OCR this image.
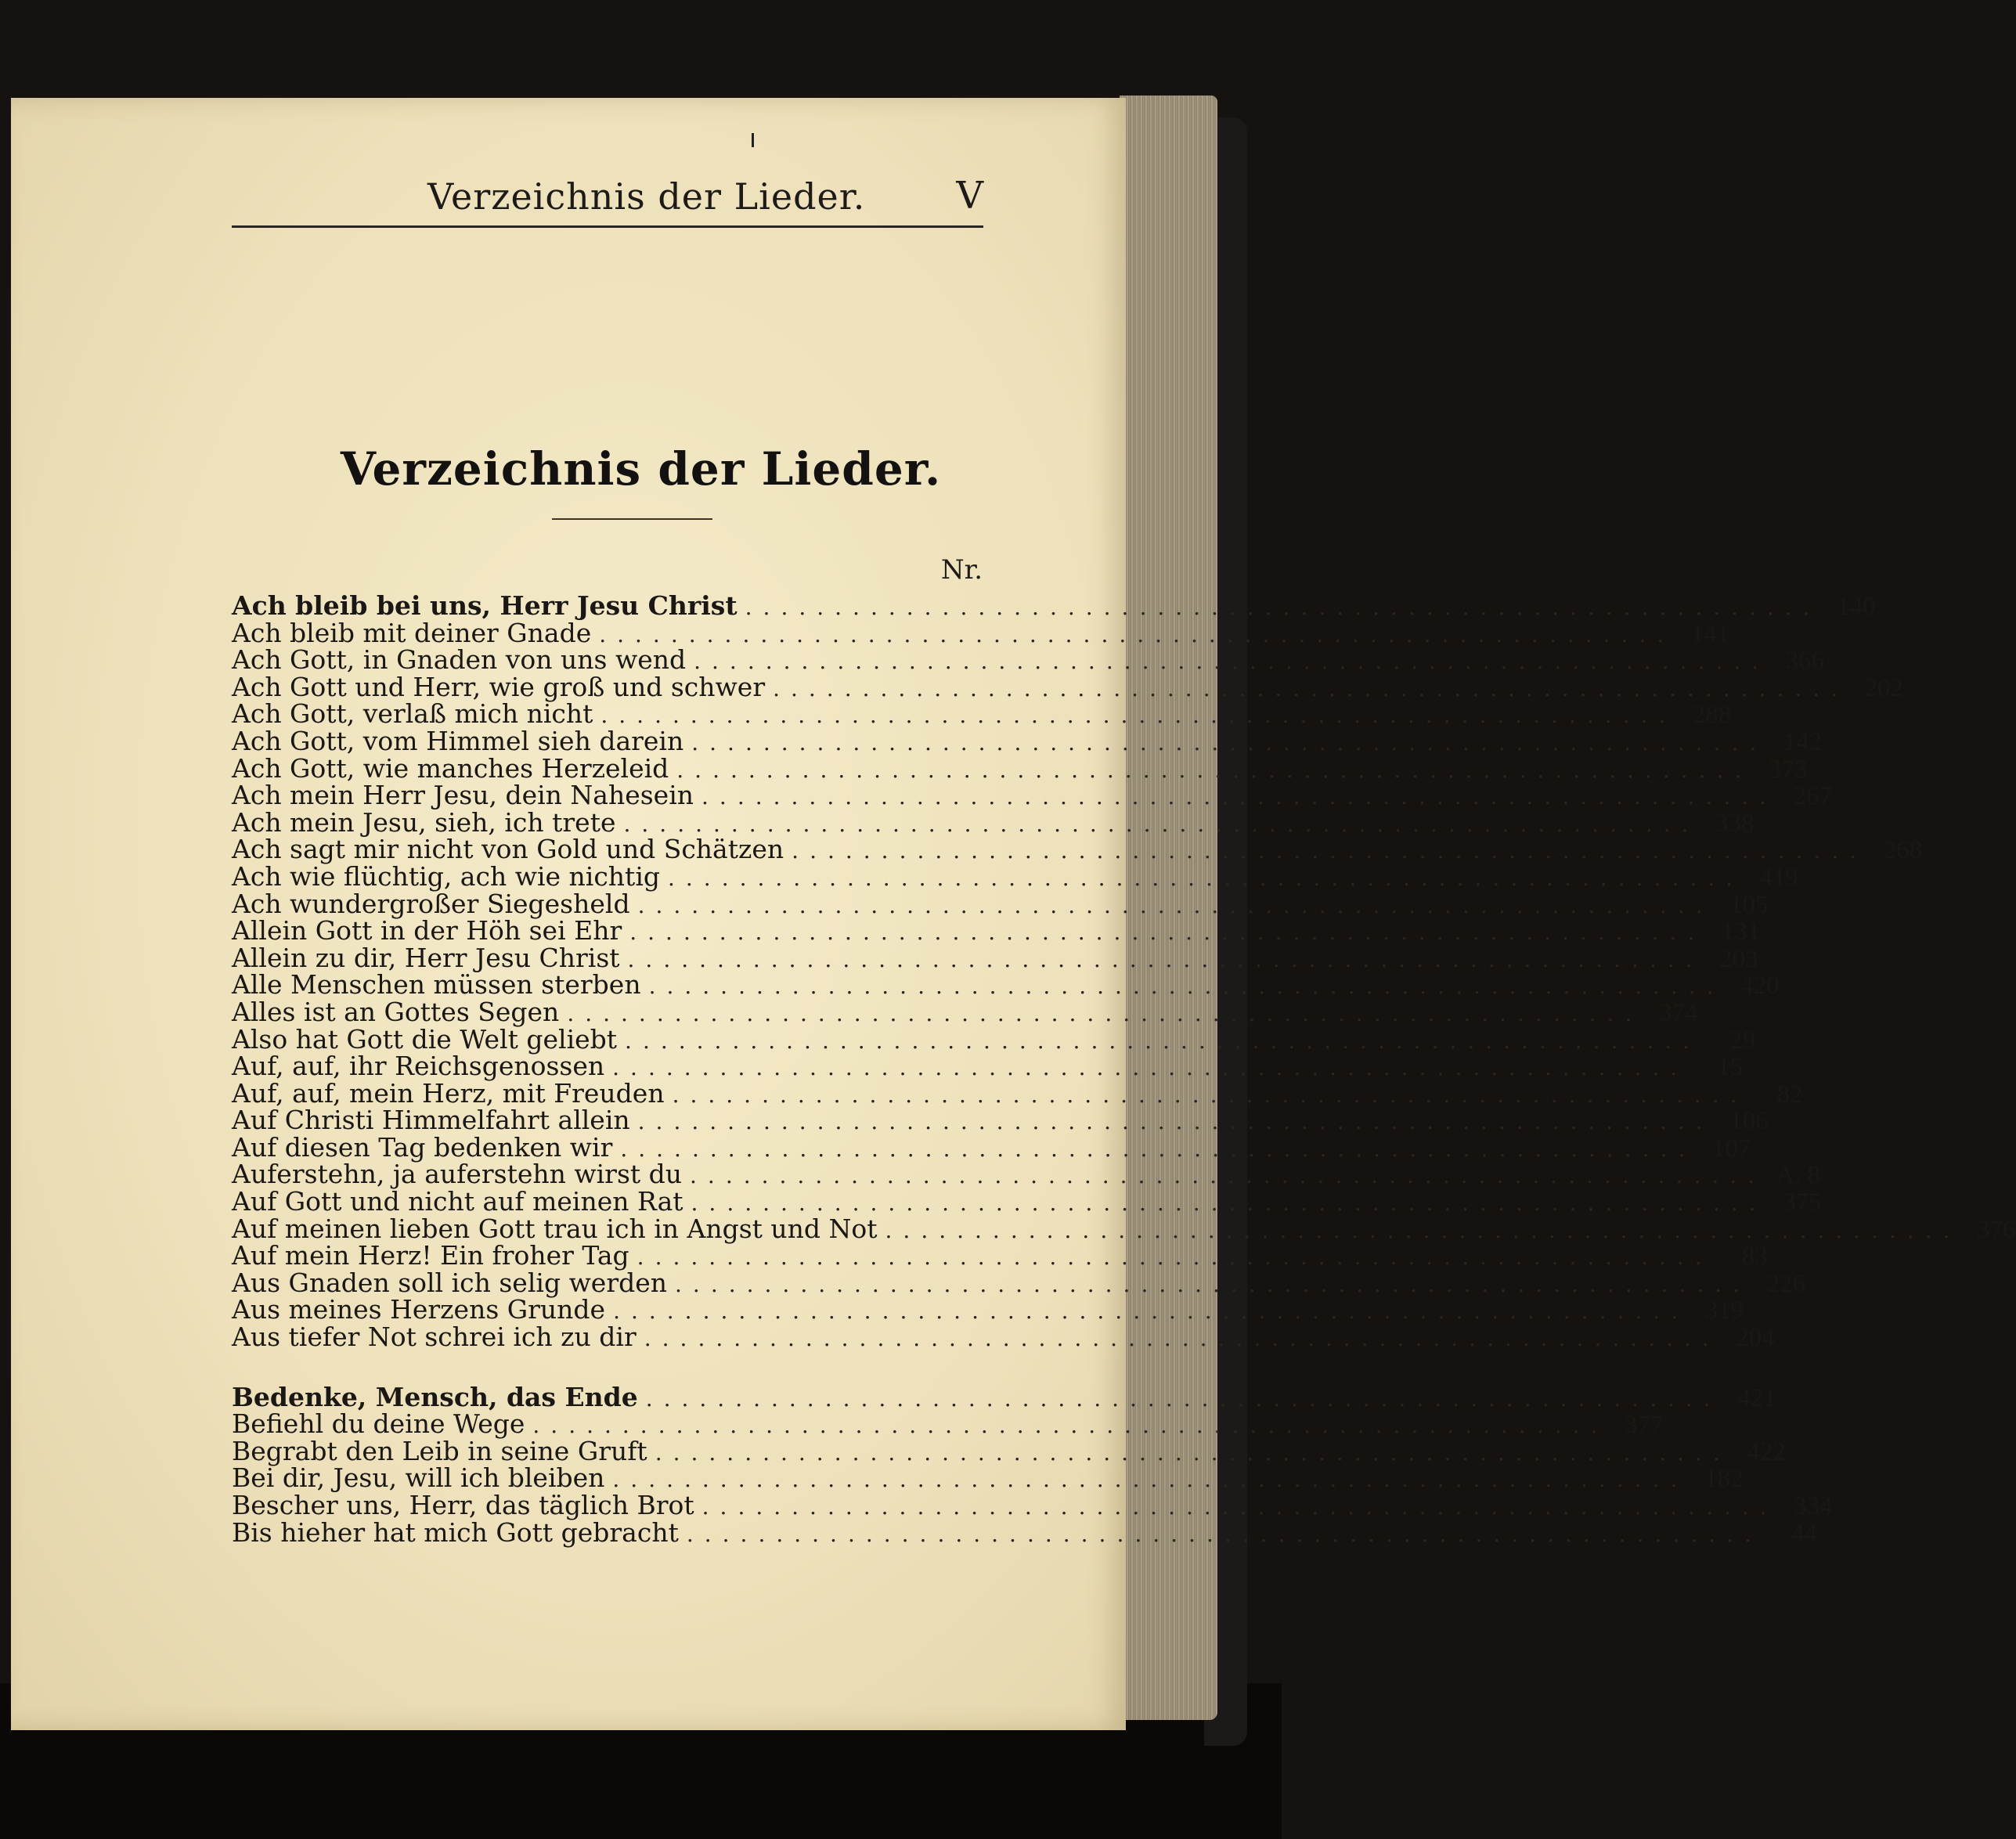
Verzeichnis der Lieder. V
Verzeichnis der Lieder.
Nr.
Ach bleib bei uns, Herr Jesu Christ ............................................................ 140
Ach bleib mit deiner Gnade ............................................................ 141
Ach Gott, in Gnaden von uns wend ............................................................ 366
Ach Gott und Herr, wie groß und schwer ............................................................ 202
Ach Gott, verlaß mich nicht ............................................................ 288
Ach Gott, vom Himmel sieh darein ............................................................ 142
Ach Gott, wie manches Herzeleid ............................................................ 373
Ach mein Herr Jesu, dein Nahesein ............................................................ 267
Ach mein Jesu, sieh, ich trete ............................................................ 338
Ach sagt mir nicht von Gold und Schätzen ............................................................ 268
Ach wie flüchtig, ach wie nichtig ............................................................ 419
Ach wundergroßer Siegesheld ............................................................ 105
Allein Gott in der Höh sei Ehr ............................................................ 131
Allein zu dir, Herr Jesu Christ ............................................................ 203
Alle Menschen müssen sterben ............................................................ 420
Alles ist an Gottes Segen ............................................................ 374
Also hat Gott die Welt geliebt ............................................................	29
Auf, auf, ihr Reichsgenossen ............................................................	15
Auf, auf, mein Herz, mit Freuden ............................................................	82
Auf Christi Himmelfahrt allein ............................................................ 106
Auf diesen Tag bedenken wir ............................................................ 107
Auferstehn, ja auferstehn wirst du ............................................................ A. 8
Auf Gott und nicht auf meinen Rat ............................................................ 375
Auf meinen lieben Gott trau ich in Angst und Not ............................................................ 376
Auf mein Herz! Ein froher Tag ............................................................	83
Aus Gnaden soll ich selig werden ............................................................ 226
Aus meines Herzens Grunde ............................................................ 319
Aus tiefer Not schrei ich zu dir ............................................................ 204
Bedenke, Mensch, das Ende ............................................................ 421
Befiehl du deine Wege ............................................................ 377
Begrabt den Leib in seine Gruft ............................................................ 422
Bei dir, Jesu, will ich bleiben ............................................................ 182
Bescher uns, Herr, das täglich Brot ............................................................ 334
Bis hieher hat mich Gott gebracht ............................................................	44
